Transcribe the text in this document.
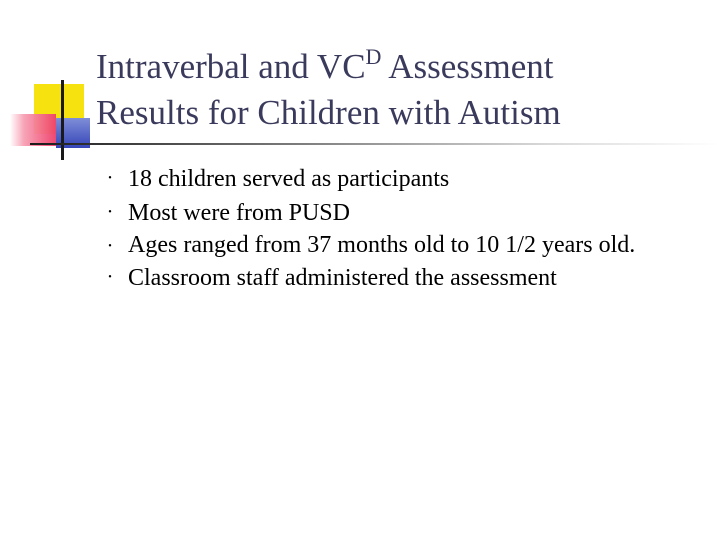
Intraverbal and $VC^D$ Assessment
Results for Children with Autism
• 18 children served as participants
• Most were from PUSD
• Ages ranged from 37 months old to 10 1/2 years old.
• Classroom staff administered the assessment
